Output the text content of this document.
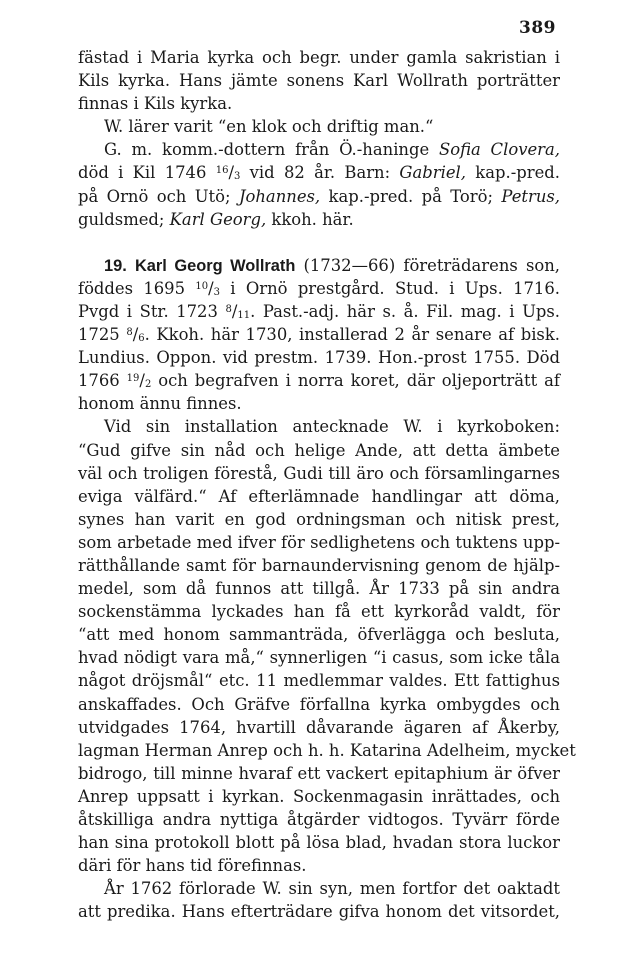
389
fästad i Maria kyrka och begr. under gamla sakristian i
Kils kyrka. Hans jämte sonens Karl Wollrath porträtter
finnas i Kils kyrka.
W. lärer varit “en klok och driftig man.“
G. m. komm.-dottern från Ö.-haninge Sofia Clovera,
död i Kil 1746 $^{16}/_3$ vid 82 år. Barn: Gabriel, kap.-pred.
på Ornö och Utö; Johannes, kap.-pred. på Torö; Petrus,
guldsmed; Karl Georg, kkoh. här.
19. Karl Georg Wollrath (1732—66) företrädarens son,
föddes 1695 $^{10}/_3$ i Ornö prestgård. Stud. i Ups. 1716.
Pvgd i Str. 1723 $^8/_{11}$. Past.-adj. här s. å. Fil. mag. i Ups.
1725 $^8/_6$. Kkoh. här 1730, installerad 2 år senare af bisk.
Lundius. Oppon. vid prestm. 1739. Hon.-prost 1755. Död
1766 $^{19}/_2$ och begrafven i norra koret, där oljeporträtt af
honom ännu finnes.
Vid sin installation antecknade W. i kyrkoboken:
“Gud gifve sin nåd och helige Ande, att detta ämbete
väl och troligen förestå, Gudi till äro och församlingarnes
eviga välfärd.“ Af efterlämnade handlingar att döma,
synes han varit en god ordningsman och nitisk prest,
som arbetade med ifver för sedlighetens och tuktens upp-
rätthållande samt för barnaundervisning genom de hjälp-
medel, som då funnos att tillgå. År 1733 på sin andra
sockenstämma lyckades han få ett kyrkoråd valdt, för
“att med honom sammanträda, öfverlägga och besluta,
hvad nödigt vara må,“ synnerligen “i casus, som icke tåla
något dröjsmål“ etc. 11 medlemmar valdes. Ett fattighus
anskaffades. Och Gräfve förfallna kyrka ombygdes och
utvidgades 1764, hvartill dåvarande ägaren af Åkerby,
lagman Herman Anrep och h. h. Katarina Adelheim, mycket
bidrogo, till minne hvaraf ett vackert epitaphium är öfver
Anrep uppsatt i kyrkan. Sockenmagasin inrättades, och
åtskilliga andra nyttiga åtgärder vidtogos. Tyvärr förde
han sina protokoll blott på lösa blad, hvadan stora luckor
däri för hans tid förefinnas.
År 1762 förlorade W. sin syn, men fortfor det oaktadt
att predika. Hans efterträdare gifva honom det vitsordet,
